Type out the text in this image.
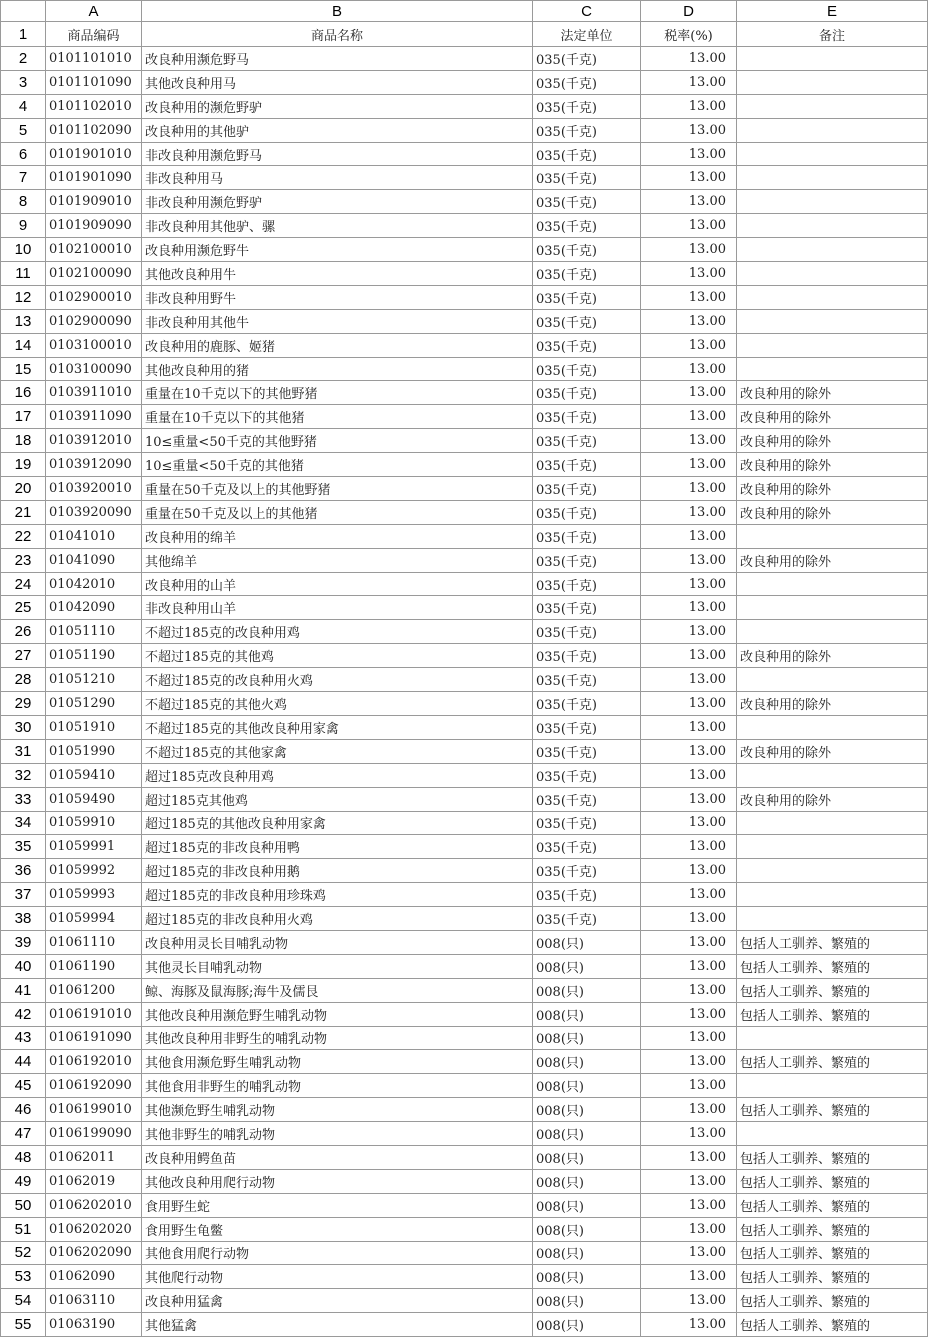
	A	B	C	D	E
1	商品编码	商品名称	法定单位	税率(%)	备注
2	0101101010	改良种用濒危野马	035(千克)	13.00	
3	0101101090	其他改良种用马	035(千克)	13.00	
4	0101102010	改良种用的濒危野驴	035(千克)	13.00	
5	0101102090	改良种用的其他驴	035(千克)	13.00	
6	0101901010	非改良种用濒危野马	035(千克)	13.00	
7	0101901090	非改良种用马	035(千克)	13.00	
8	0101909010	非改良种用濒危野驴	035(千克)	13.00	
9	0101909090	非改良种用其他驴、骡	035(千克)	13.00	
10	0102100010	改良种用濒危野牛	035(千克)	13.00	
11	0102100090	其他改良种用牛	035(千克)	13.00	
12	0102900010	非改良种用野牛	035(千克)	13.00	
13	0102900090	非改良种用其他牛	035(千克)	13.00	
14	0103100010	改良种用的鹿豚、姬猪	035(千克)	13.00	
15	0103100090	其他改良种用的猪	035(千克)	13.00	
16	0103911010	重量在10千克以下的其他野猪	035(千克)	13.00	改良种用的除外
17	0103911090	重量在10千克以下的其他猪	035(千克)	13.00	改良种用的除外
18	0103912010	10≤重量<50千克的其他野猪	035(千克)	13.00	改良种用的除外
19	0103912090	10≤重量<50千克的其他猪	035(千克)	13.00	改良种用的除外
20	0103920010	重量在50千克及以上的其他野猪	035(千克)	13.00	改良种用的除外
21	0103920090	重量在50千克及以上的其他猪	035(千克)	13.00	改良种用的除外
22	01041010	改良种用的绵羊	035(千克)	13.00	
23	01041090	其他绵羊	035(千克)	13.00	改良种用的除外
24	01042010	改良种用的山羊	035(千克)	13.00	
25	01042090	非改良种用山羊	035(千克)	13.00	
26	01051110	不超过185克的改良种用鸡	035(千克)	13.00	
27	01051190	不超过185克的其他鸡	035(千克)	13.00	改良种用的除外
28	01051210	不超过185克的改良种用火鸡	035(千克)	13.00	
29	01051290	不超过185克的其他火鸡	035(千克)	13.00	改良种用的除外
30	01051910	不超过185克的其他改良种用家禽	035(千克)	13.00	
31	01051990	不超过185克的其他家禽	035(千克)	13.00	改良种用的除外
32	01059410	超过185克改良种用鸡	035(千克)	13.00	
33	01059490	超过185克其他鸡	035(千克)	13.00	改良种用的除外
34	01059910	超过185克的其他改良种用家禽	035(千克)	13.00	
35	01059991	超过185克的非改良种用鸭	035(千克)	13.00	
36	01059992	超过185克的非改良种用鹅	035(千克)	13.00	
37	01059993	超过185克的非改良种用珍珠鸡	035(千克)	13.00	
38	01059994	超过185克的非改良种用火鸡	035(千克)	13.00	
39	01061110	改良种用灵长目哺乳动物	008(只)	13.00	包括人工驯养、繁殖的
40	01061190	其他灵长目哺乳动物	008(只)	13.00	包括人工驯养、繁殖的
41	01061200	鲸、海豚及鼠海豚;海牛及儒艮	008(只)	13.00	包括人工驯养、繁殖的
42	0106191010	其他改良种用濒危野生哺乳动物	008(只)	13.00	包括人工驯养、繁殖的
43	0106191090	其他改良种用非野生的哺乳动物	008(只)	13.00	
44	0106192010	其他食用濒危野生哺乳动物	008(只)	13.00	包括人工驯养、繁殖的
45	0106192090	其他食用非野生的哺乳动物	008(只)	13.00	
46	0106199010	其他濒危野生哺乳动物	008(只)	13.00	包括人工驯养、繁殖的
47	0106199090	其他非野生的哺乳动物	008(只)	13.00	
48	01062011	改良种用鳄鱼苗	008(只)	13.00	包括人工驯养、繁殖的
49	01062019	其他改良种用爬行动物	008(只)	13.00	包括人工驯养、繁殖的
50	0106202010	食用野生蛇	008(只)	13.00	包括人工驯养、繁殖的
51	0106202020	食用野生龟鳖	008(只)	13.00	包括人工驯养、繁殖的
52	0106202090	其他食用爬行动物	008(只)	13.00	包括人工驯养、繁殖的
53	01062090	其他爬行动物	008(只)	13.00	包括人工驯养、繁殖的
54	01063110	改良种用猛禽	008(只)	13.00	包括人工驯养、繁殖的
55	01063190	其他猛禽	008(只)	13.00	包括人工驯养、繁殖的
